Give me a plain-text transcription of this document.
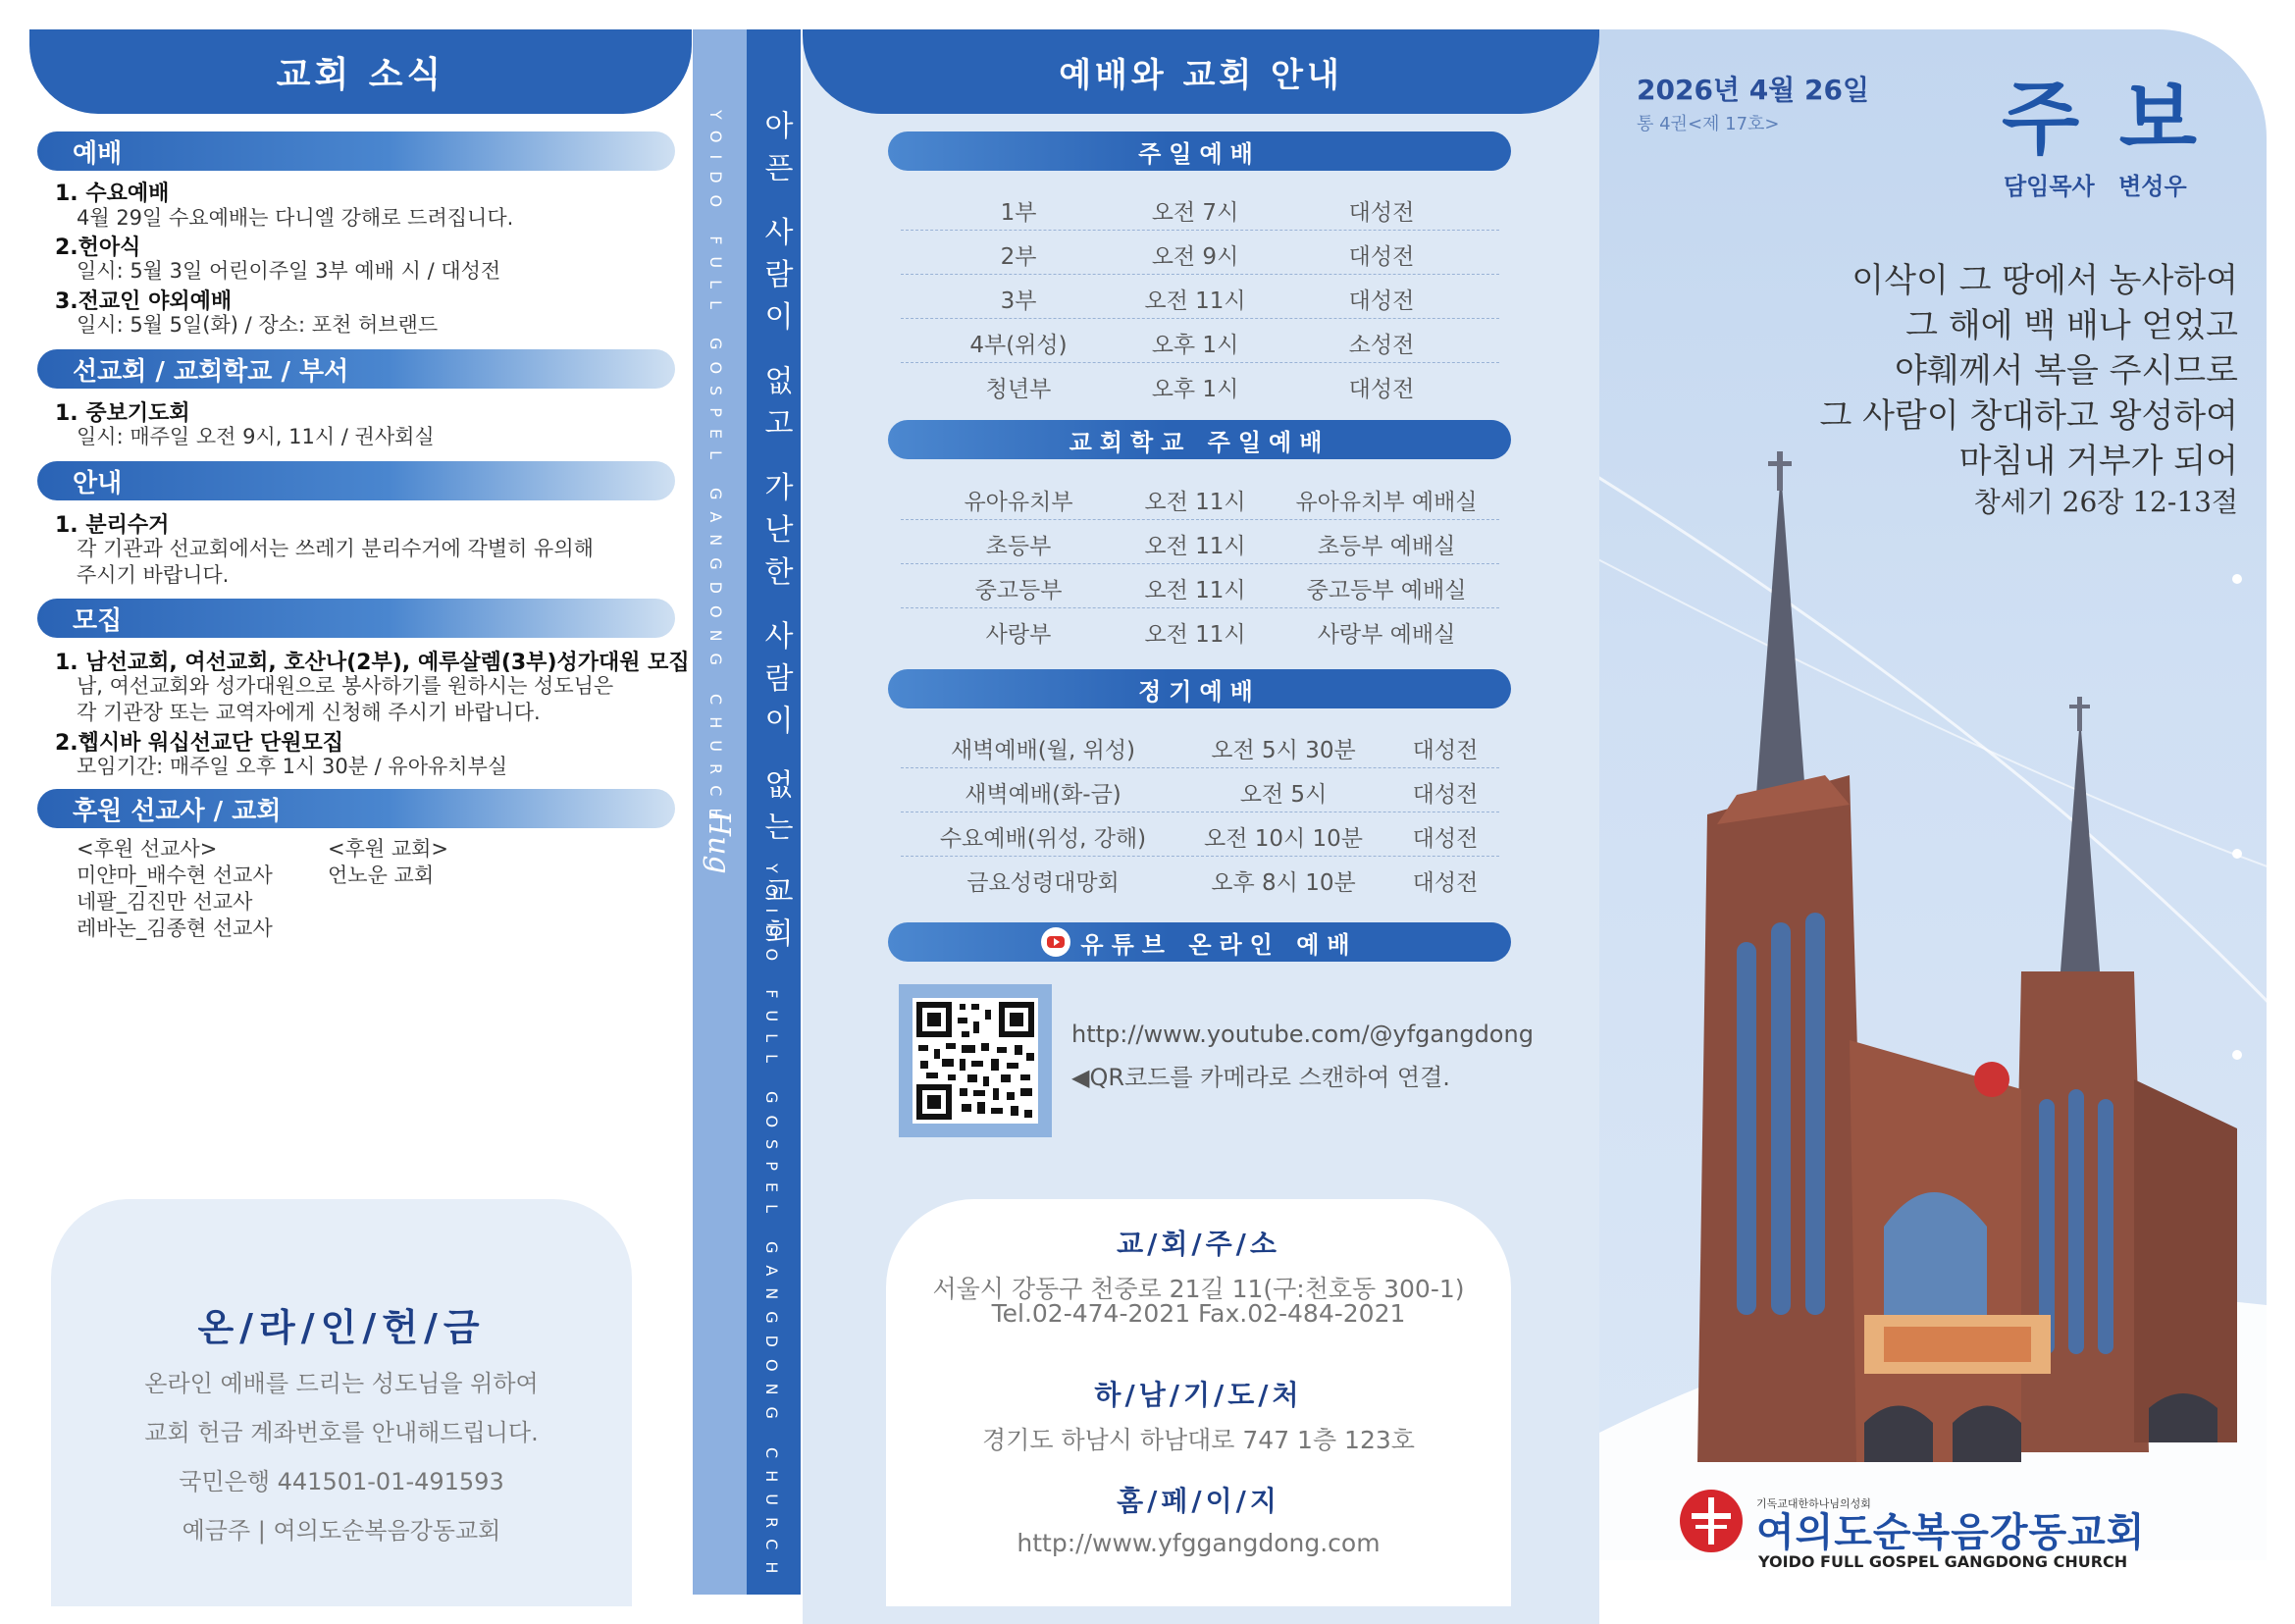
교회 소식
예배
1. 수요예배
4월 29일 수요예배는 다니엘 강해로 드려집니다.
2.헌아식
일시: 5월 3일 어린이주일 3부 예배 시 / 대성전
3.전교인 야외예배
일시: 5월 5일(화) / 장소: 포천 허브랜드
선교회 / 교회학교 / 부서
1. 중보기도회
일시: 매주일 오전 9시, 11시 / 권사회실
안내
1. 분리수거
각 기관과 선교회에서는 쓰레기 분리수거에 각별히 유의해
주시기 바랍니다.
모집
1. 남선교회, 여선교회, 호산나(2부), 예루살렘(3부)성가대원 모집
남, 여선교회와 성가대원으로 봉사하기를 원하시는 성도님은
각 기관장 또는 교역자에게 신청해 주시기 바랍니다.
2.헵시바 워십선교단 단원모집
모임기간: 매주일 오후 1시 30분 / 유아유치부실
후원 선교사 / 교회
<후원 선교사>
미얀마_배수현 선교사
네팔_김진만 선교사
레바논_김종현 선교사
<후원 교회>
언노운 교회
온/라/인/헌/금
온라인 예배를 드리는 성도님을 위하여
교회 헌금 계좌번호를 안내해드립니다.
국민은행 441501-01-491593
예금주 | 여의도순복음강동교회
YOIDO FULL GOSPEL GANGDONG CHURCH
Hug 아픈 사람이 없고 가난한 사람이 없는 교회
YOIDO FULL GOSPEL GANGDONG CHURCH
예배와 교회 안내
주일예배
1부	오전 7시	대성전
2부	오전 9시	대성전
3부	오전 11시	대성전
4부(위성)	오후 1시	소성전
청년부	오후 1시	대성전
교회학교 주일예배
유아유치부	오전 11시	유아유치부 예배실
초등부	오전 11시	초등부 예배실
중고등부	오전 11시	중고등부 예배실
사랑부	오전 11시	사랑부 예배실
정기예배
새벽예배(월, 위성)	오전 5시 30분	대성전
새벽예배(화-금)	오전 5시	대성전
수요예배(위성, 강해)	오전 10시 10분	대성전
금요성령대망회	오후 8시 10분	대성전
유튜브 온라인 예배
http://www.youtube.com/@yfgangdong
◀QR코드를 카메라로 스캔하여 연결.
교/회/주/소
서울시 강동구 천중로 21길 11(구:천호동 300-1)
Tel.02-474-2021 Fax.02-484-2021
하/남/기/도/처
경기도 하남시 하남대로 747 1층 123호
홈/페/이/지
http://www.yfggangdong.com
2026년 4월 26일
통 4권<제 17호>	주 보
담임목사 변성우
이삭이 그 땅에서 농사하여
그 해에 백 배나 얻었고
야훼께서 복을 주시므로
그 사람이 창대하고 왕성하여
마침내 거부가 되어
창세기 26장 12-13절
기독교대한하나님의성회
여의도순복음강동교회
YOIDO FULL GOSPEL GANGDONG CHURCH
